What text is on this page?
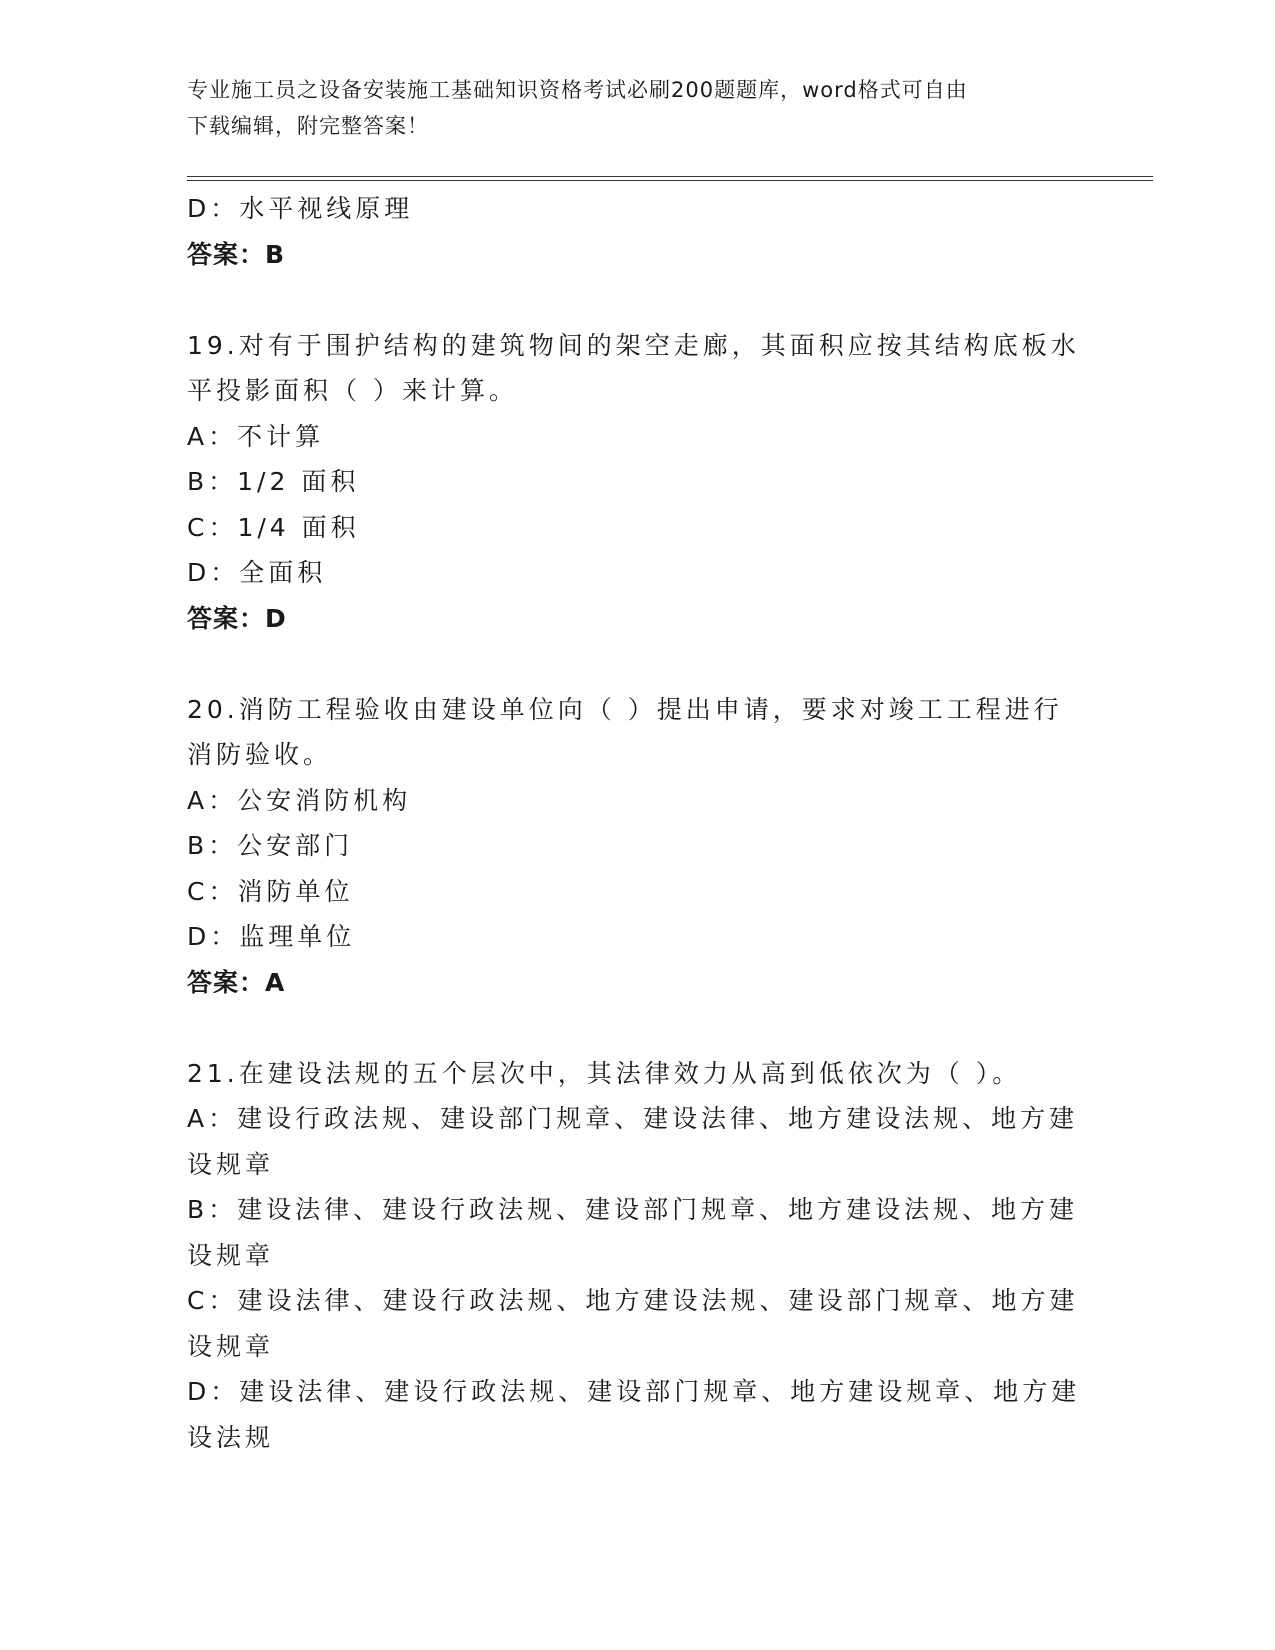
专业施工员之设备安装施工基础知识资格考试必刷200题题库，word格式可自由
下载编辑，附完整答案！
D：水平视线原理
答案：B
19.对有于围护结构的建筑物间的架空走廊，其面积应按其结构底板水
平投影面积（ ）来计算。
A：不计算
B：1/2 面积
C：1/4 面积
D：全面积
答案：D
20.消防工程验收由建设单位向（ ）提出申请，要求对竣工工程进行
消防验收。
A：公安消防机构
B：公安部门
C：消防单位
D：监理单位
答案：A
21.在建设法规的五个层次中，其法律效力从高到低依次为（ ）。
A：建设行政法规、建设部门规章、建设法律、地方建设法规、地方建
设规章
B：建设法律、建设行政法规、建设部门规章、地方建设法规、地方建
设规章
C：建设法律、建设行政法规、地方建设法规、建设部门规章、地方建
设规章
D：建设法律、建设行政法规、建设部门规章、地方建设规章、地方建
设法规
